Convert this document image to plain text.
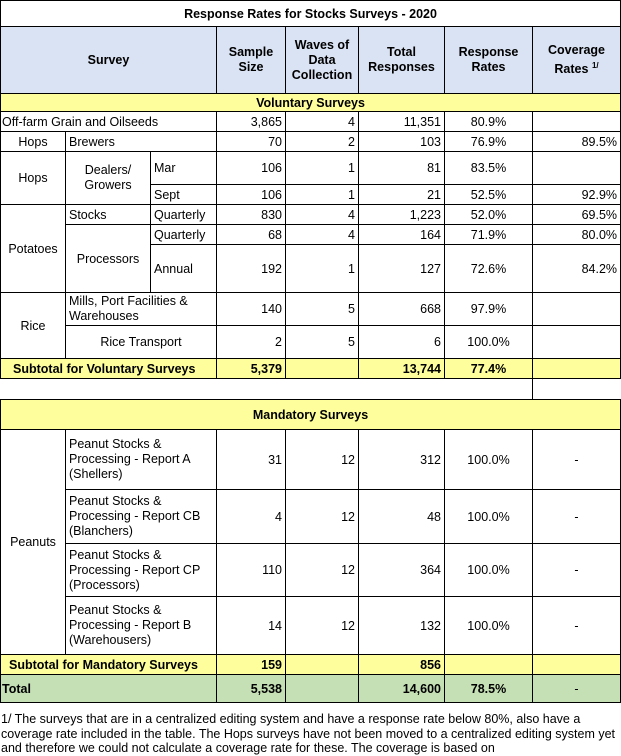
Response Rates for Stocks Surveys - 2020							
Survey			Sample Size	Waves of Data Collection	Total Responses	Response Rates	Coverage Rates $^{1/}$
Voluntary Surveys							
Off-farm Grain and Oilseeds			3,865	4	11,351	80.9%	
Hops	Brewers		70	2	103	76.9%	89.5%
Hops	Dealers/ Growers	Mar	106	1	81	83.5%	
		Sept	106	1	21	52.5%	92.9%
Potatoes	Stocks	Quarterly	830	4	1,223	52.0%	69.5%
	Processors	Quarterly	68	4	164	71.9%	80.0%
		Annual	192	1	127	72.6%	84.2%
Rice	Mills, Port Facilities & Warehouses		140	5	668	97.9%	
	Rice Transport		2	5	6	100.0%	
Subtotal for Voluntary Surveys			5,379		13,744	77.4%	

Mandatory Surveys							
Peanuts	Peanut Stocks & Processing - Report A (Shellers)		31	12	312	100.0%	-
	Peanut Stocks & Processing - Report CB (Blanchers)		4	12	48	100.0%	-
	Peanut Stocks & Processing - Report CP (Processors)		110	12	364	100.0%	-
	Peanut Stocks & Processing - Report B (Warehousers)		14	12	132	100.0%	-
Subtotal for Mandatory Surveys			159		856		
Total			5,538		14,600	78.5%	-
1/ The surveys that are in a centralized editing system and have a response rate below 80%, also have a coverage rate included in the table. The Hops surveys have not been moved to a centralized editing system yet and therefore we could not calculate a coverage rate for these. The coverage is based on
